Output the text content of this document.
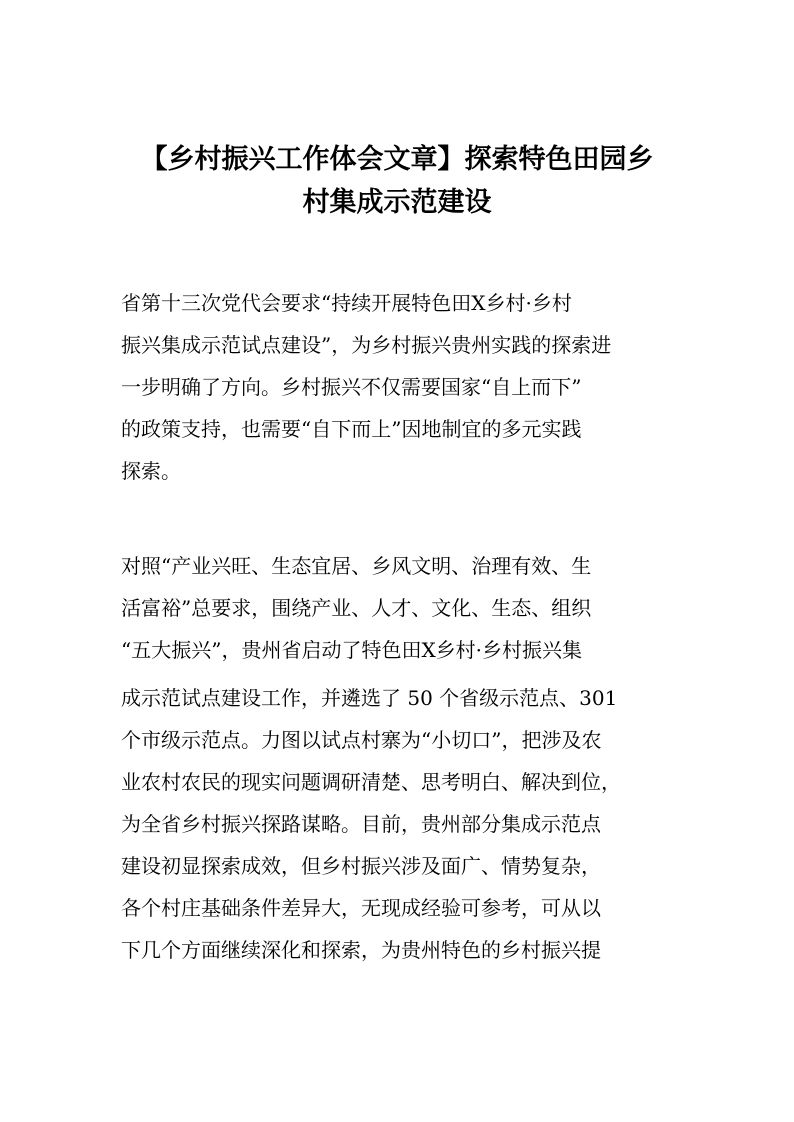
【乡村振兴工作体会文章】探索特色田园乡
村集成示范建设

省第十三次党代会要求“持续开展特色田X乡村·乡村
振兴集成示范试点建设”，为乡村振兴贵州实践的探索进
一步明确了方向。乡村振兴不仅需要国家“自上而下”
的政策支持，也需要“自下而上”因地制宜的多元实践
探索。

对照“产业兴旺、生态宜居、乡风文明、治理有效、生
活富裕”总要求，围绕产业、人才、文化、生态、组织
“五大振兴”，贵州省启动了特色田X乡村·乡村振兴集
成示范试点建设工作，并遴选了 50 个省级示范点、301
个市级示范点。力图以试点村寨为“小切口”，把涉及农
业农村农民的现实问题调研清楚、思考明白、解决到位，
为全省乡村振兴探路谋略。目前，贵州部分集成示范点
建设初显探索成效，但乡村振兴涉及面广、情势复杂，
各个村庄基础条件差异大，无现成经验可参考，可从以
下几个方面继续深化和探索，为贵州特色的乡村振兴提
